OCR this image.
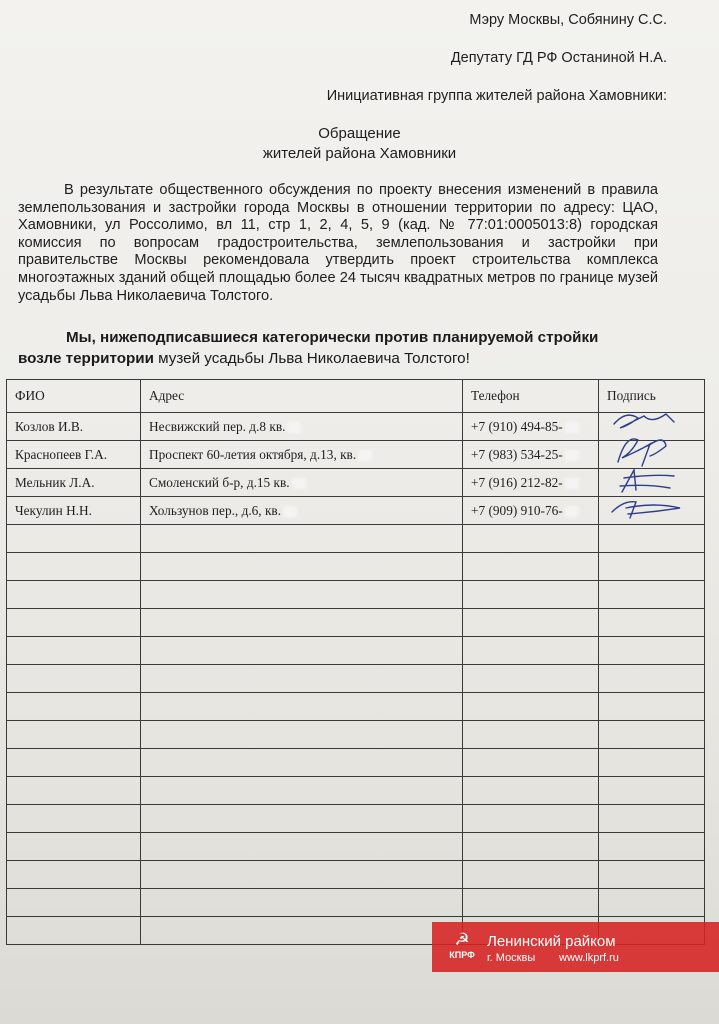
Мэру Москвы, Собянину С.С.
Депутату ГД РФ Останиной Н.А.
Инициативная группа жителей района Хамовники:
Обращение
жителей района Хамовники
В результате общественного обсуждения по проекту внесения изменений в правила землепользования и застройки города Москвы в отношении территории по адресу: ЦАО, Хамовники, ул Россолимо, вл 11, стр 1, 2, 4, 5, 9 (кад. № 77:01:0005013:8) городская комиссия по вопросам градостроительства, землепользования и застройки при правительстве Москвы рекомендовала утвердить проект строительства комплекса многоэтажных зданий общей площадью более 24 тысяч квадратных метров по границе музей усадьбы Льва Николаевича Толстого.
Мы, нижеподписавшиеся категорически против планируемой стройки
возле территории музей усадьбы Льва Николаевича Толстого!
ФИО	Адрес	Телефон	Подпись
Козлов И.В.	Несвижский пер. д.8 кв.	+7 (910) 494-85-	
Краснопеев Г.А.	Проспект 60-летия октября, д.13, кв.	+7 (983) 534-25-	
Мельник Л.А.	Смоленский б-р, д.15 кв.	+7 (916) 212-82-	
Чекулин Н.Н.	Хользунов пер., д.6, кв.	+7 (909) 910-76-	

☭
КПРФ
Ленинский райком
г. Москвы www.lkprf.ru
